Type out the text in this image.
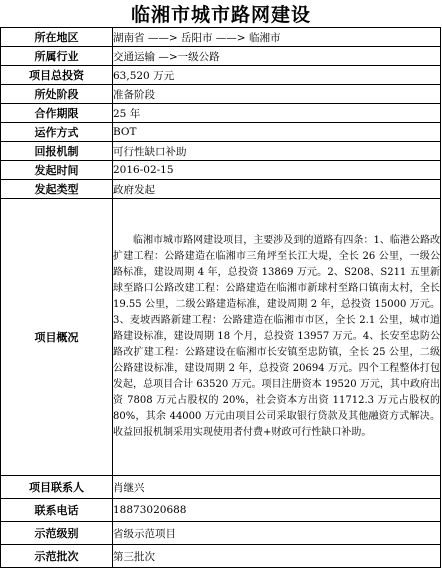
临湘市城市路网建设
所在地区	湖南省 ——> 岳阳市 ——> 临湘市
所属行业	交通运输 —>一级公路
项目总投资	63,520 万元
所处阶段	准备阶段
合作期限	25 年
运作方式	BOT
回报机制	可行性缺口补助
发起时间	2016-02-15
发起类型	政府发起
项目概况	临湘市城市路网建设项目，主要涉及到的道路有四条：1、临港公路改扩建工程：公路建造在临湘市三角坪至长江大堤，全长 26 公里，一级公路标准，建设周期 4 年，总投资 13869 万元。2、S208、S211 五里新球至路口公路改建工程：公路建造在临湘市新球村至路口镇南太村，全长 19.55 公里，二级公路建造标准，建设周期 2 年，总投资 15000 万元。3、麦坡西路新建工程：公路建造在临湘市市区，全长 2.1 公里，城市道路建设标准，建设周期 18 个月，总投资 13957 万元。4、长安至忠防公路改扩建工程：公路建设在临湘市长安镇至忠防镇，全长 25 公里，二级公路建设标准，建设周期 2 年，总投资 20694 万元。四个工程整体打包发起，总项目合计 63520 万元。项目注册资本 19520 万元，其中政府出资 7808 万元占股权的 20%，社会资本方出资 11712.3 万元占股权的 80%，其余 44000 万元由项目公司采取银行贷款及其他融资方式解决。收益回报机制采用实现使用者付费+财政可行性缺口补助。

项目联系人	肖继兴
联系电话	18873020688
示范级别	省级示范项目
示范批次	第三批次
